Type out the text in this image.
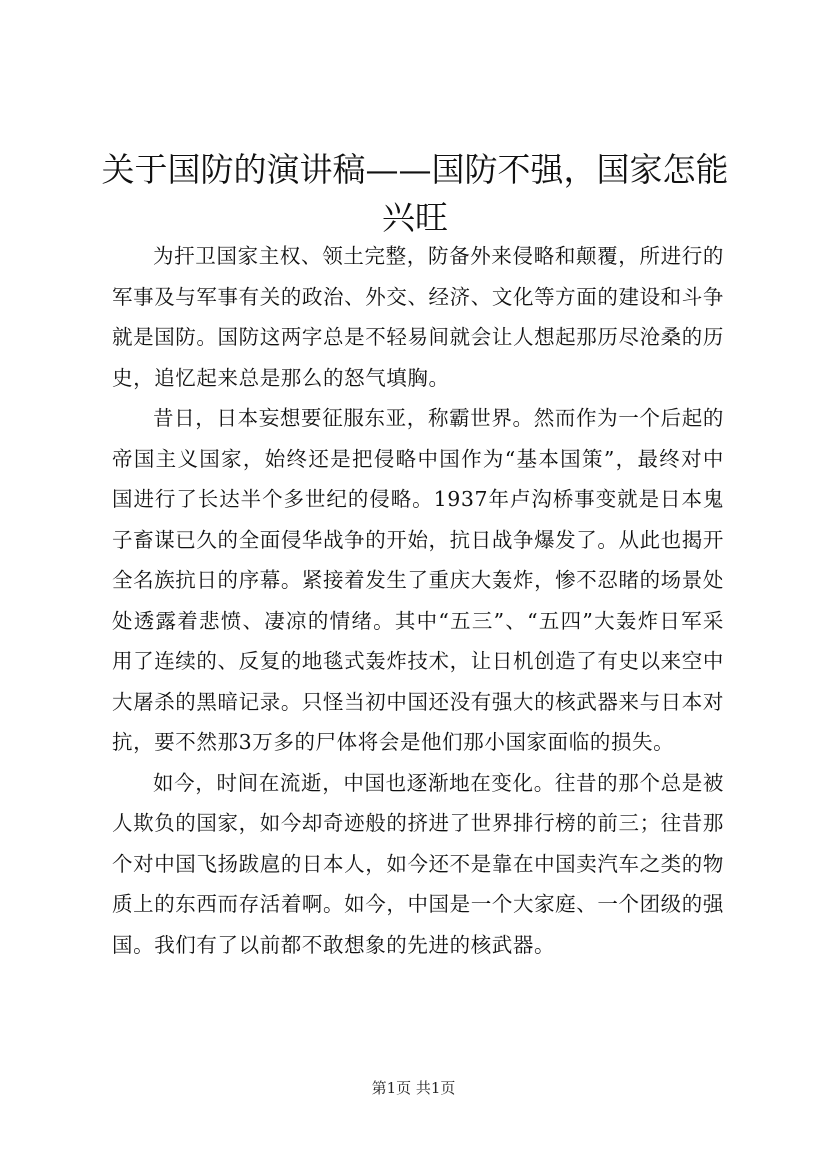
关于国防的演讲稿——国防不强，国家怎能兴旺

为扞卫国家主权、领土完整，防备外来侵略和颠覆，所进行的军事及与军事有关的政治、外交、经济、文化等方面的建设和斗争就是国防。国防这两字总是不轻易间就会让人想起那历尽沧桑的历史，追忆起来总是那么的怒气填胸。

昔日，日本妄想要征服东亚，称霸世界。然而作为一个后起的帝国主义国家，始终还是把侵略中国作为“基本国策”，最终对中国进行了长达半个多世纪的侵略。1937年卢沟桥事变就是日本鬼子畜谋已久的全面侵华战争的开始，抗日战争爆发了。从此也揭开全名族抗日的序幕。紧接着发生了重庆大轰炸，惨不忍睹的场景处处透露着悲愤、凄凉的情绪。其中“五三”、“五四”大轰炸日军采用了连续的、反复的地毯式轰炸技术，让日机创造了有史以来空中大屠杀的黑暗记录。只怪当初中国还没有强大的核武器来与日本对抗，要不然那3万多的尸体将会是他们那小国家面临的损失。

如今，时间在流逝，中国也逐渐地在变化。往昔的那个总是被人欺负的国家，如今却奇迹般的挤进了世界排行榜的前三；往昔那个对中国飞扬跋扈的日本人，如今还不是靠在中国卖汽车之类的物质上的东西而存活着啊。如今，中国是一个大家庭、一个团级的强国。我们有了以前都不敢想象的先进的核武器。

第1页 共1页
